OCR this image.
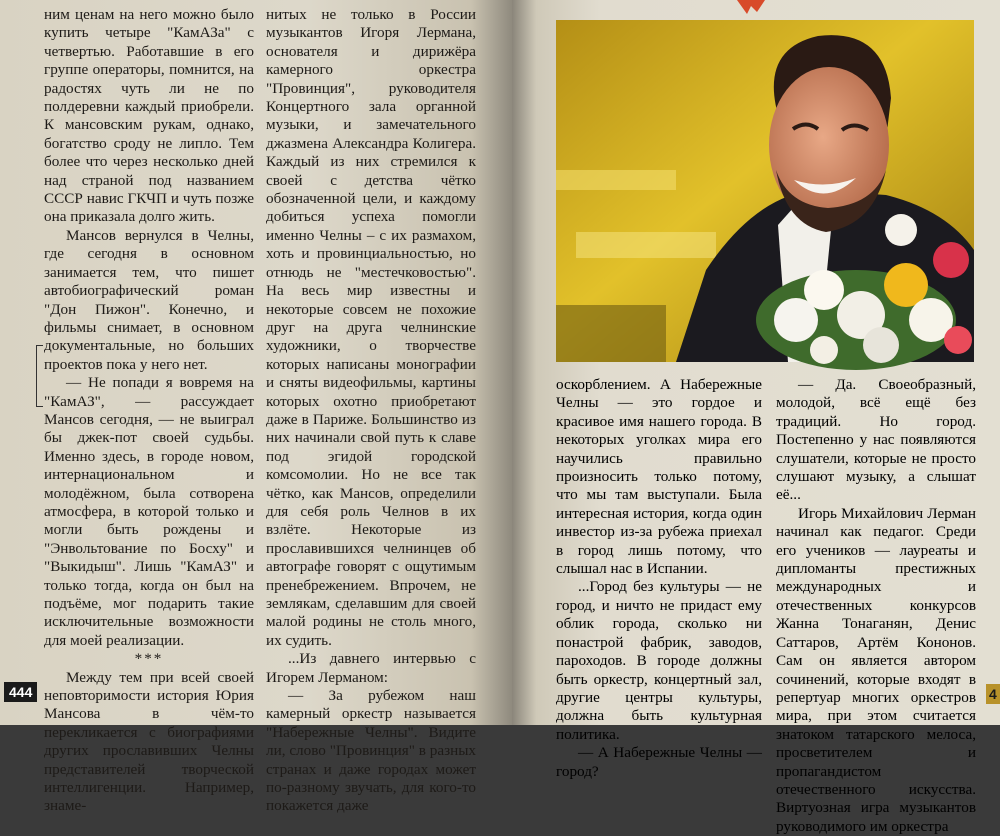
ним ценам на него можно было купить четыре "КамАЗа" с четвертью. Работавшие в его группе операторы, помнится, на радостях чуть ли не по полдеревни каждый приобрели. К мансовским рукам, однако, богатство сроду не липло. Тем более что через несколько дней над страной под названием СССР навис ГКЧП и чуть позже она приказала долго жить.

Мансов вернулся в Челны, где сегодня в основном занимается тем, что пишет автобиографический роман "Дон Пижон". Конечно, и фильмы снимает, в основном документальные, но больших проектов пока у него нет.

— Не попади я вовремя на "КамАЗ", — рассуждает Мансов сегодня, — не выиграл бы джек-пот своей судьбы. Именно здесь, в городе новом, интернациональном и молодёжном, была сотворена атмосфера, в которой только и могли быть рождены и "Энвольтование по Босху" и "Выкидыш". Лишь "КамАЗ" и только тогда, когда он был на подъёме, мог подарить такие исключительные возможности для моей реализации.

***

Между тем при всей своей неповторимости история Юрия Мансова в чём-то перекликается с биографиями других прославивших Челны представителей творческой интеллигенции. Например, знаме-

нитых не только в России музыкантов Игоря Лермана, основателя и дирижёра камерного оркестра "Провинция", руководителя Концертного зала органной музыки, и замечательного джазмена Александра Колигера. Каждый из них стремился к своей с детства чётко обозначенной цели, и каждому добиться успеха помогли именно Челны – с их размахом, хоть и провинциальностью, но отнюдь не "местечковостью". На весь мир известны и некоторые совсем не похожие друг на друга челнинские художники, о творчестве которых написаны монографии и сняты видеофильмы, картины которых охотно приобретают даже в Париже. Большинство из них начинали свой путь к славе под эгидой городской комсомолии. Но не все так чётко, как Мансов, определили для себя роль Челнов в их взлёте. Некоторые из прославившихся челнинцев об автографе говорят с ощутимым пренебрежением. Впрочем, не землякам, сделавшим для своей малой родины не столь много, их судить.

...Из давнего интервью с Игорем Лерманом:

— За рубежом наш камерный оркестр называется "Набережные Челны". Видите ли, слово "Провинция" в разных странах и даже городах может по-разному звучать, для кого-то покажется даже

444

оскорблением. А Набережные Челны — это гордое и красивое имя нашего города. В некоторых уголках мира его научились правильно произносить только потому, что мы там выступали. Была интересная история, когда один инвестор из-за рубежа приехал в город лишь потому, что слышал нас в Испании.

...Город без культуры — не город, и ничто не придаст ему облик города, сколько ни понастрой фабрик, заводов, пароходов. В городе должны быть оркестр, концертный зал, другие центры культуры, должна быть культурная политика.

— А Набережные Челны — город?

— Да. Своеобразный, молодой, всё ещё без традиций. Но город. Постепенно у нас появляются слушатели, которые не просто слушают музыку, а слышат её...

Игорь Михайлович Лерман начинал как педагог. Среди его учеников — лауреаты и дипломанты престижных международных и отечественных конкурсов Жанна Тонаганян, Денис Саттаров, Артём Кононов. Сам он является автором сочинений, которые входят в репертуар многих оркестров мира, при этом считается знатоком татарского мелоса, просветителем и пропагандистом отечественного искусства. Виртуозная игра музыкантов руководимого им оркестра

4
